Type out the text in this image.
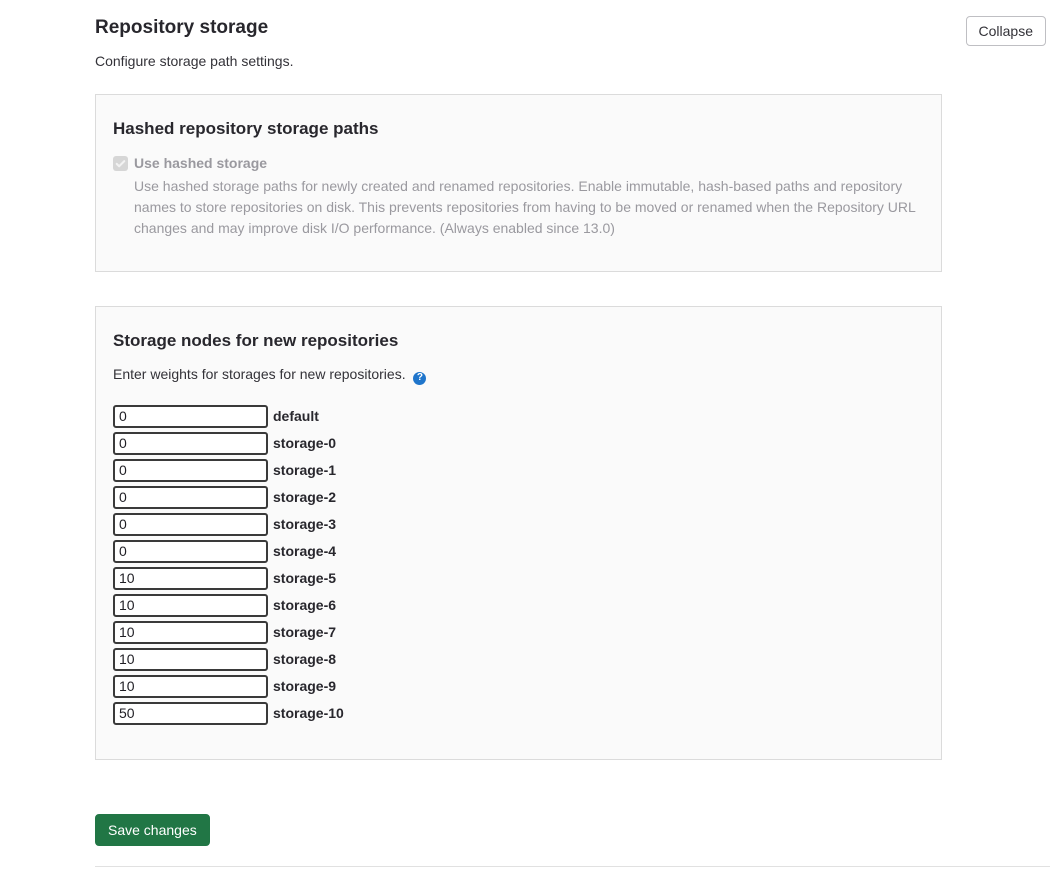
Repository storage	Collapse

Configure storage path settings.

Hashed repository storage paths
Use hashed storage

Use hashed storage paths for newly created and renamed repositories. Enable immutable, hash-based paths and repository names to store repositories on disk. This prevents repositories from having to be moved or renamed when the Repository URL changes and may improve disk I/O performance. (Always enabled since 13.0)

Storage nodes for new repositories
Enter weights for storages for new repositories. ?
0
default
0
storage-0
0
storage-1
0
storage-2
0
storage-3
0
storage-4
10
storage-5
10
storage-6
10
storage-7
10
storage-8
10
storage-9
50
storage-10
Save changes
